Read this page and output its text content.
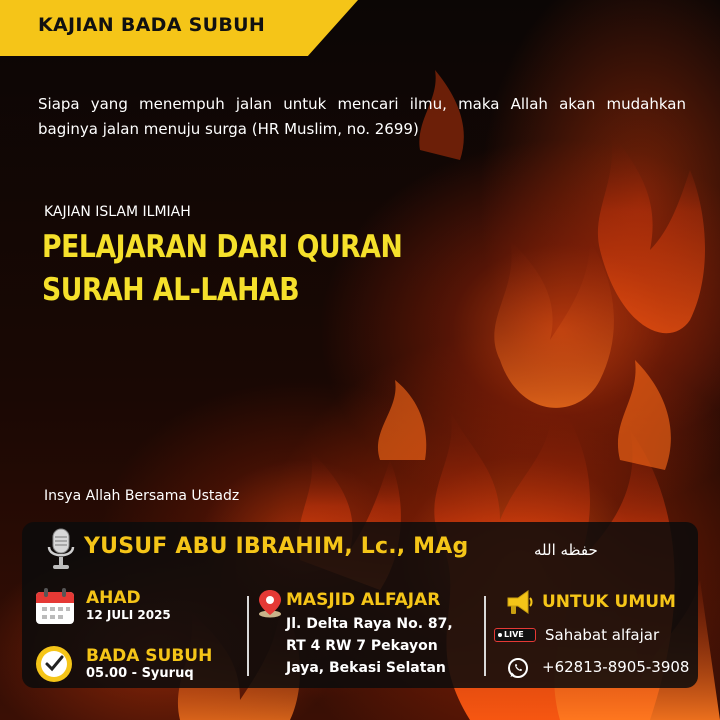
KAJIAN BADA SUBUH
Siapa yang menempuh jalan untuk mencari ilmu, maka Allah akan mudahkan baginya jalan menuju surga (HR Muslim, no. 2699)
KAJIAN ISLAM ILMIAH
PELAJARAN DARI QURAN
SURAH AL-LAHAB
Insya Allah Bersama Ustadz
YUSUF ABU IBRAHIM, Lc., MAg	حفظه الله
AHAD
12 JULI 2025
BADA SUBUH
05.00 - Syuruq
MASJID ALFAJAR
Jl. Delta Raya No. 87,
RT 4 RW 7 Pekayon
Jaya, Bekasi Selatan
UNTUK UMUM
LIVE Sahabat alfajar
+62813-8905-3908
